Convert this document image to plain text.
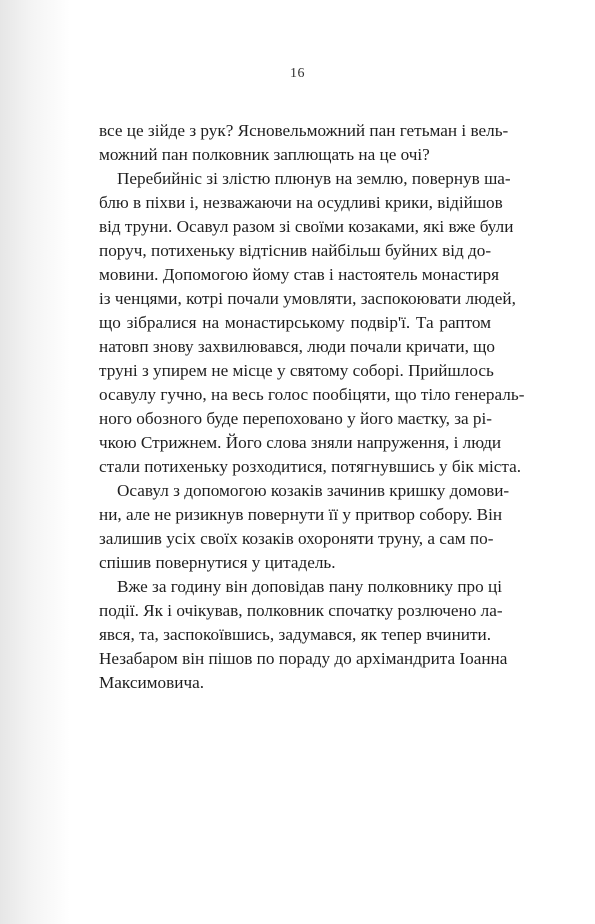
16
все це зійде з рук? Ясновельможний пан гетьман і вель-
можний пан полковник заплющать на це очі?
Перебийніс зі злістю плюнув на землю, повернув ша-
блю в піхви і, незважаючи на осудливі крики, відійшов
від труни. Осавул разом зі своїми козаками, які вже були
поруч, потихеньку відтіснив найбільш буйних від до-
мовини. Допомогою йому став і настоятель монастиря
із ченцями, котрі почали умовляти, заспокоювати людей,
що зібралися на монастирському подвір'ї. Та раптом
натовп знову захвилювався, люди почали кричати, що
труні з упирем не місце у святому соборі. Прийшлось
осавулу гучно, на весь голос пообіцяти, що тіло генераль-
ного обозного буде перепоховано у його маєтку, за рі-
чкою Стрижнем. Його слова зняли напруження, і люди
стали потихеньку розходитися, потягнувшись у бік міста.
Осавул з допомогою козаків зачинив кришку домови-
ни, але не ризикнув повернути її у притвор собору. Він
залишив усіх своїх козаків охороняти труну, а сам по-
спішив повернутися у цитадель.
Вже за годину він доповідав пану полковнику про ці
події. Як і очікував, полковник спочатку розлючено ла-
явся, та, заспокоївшись, задумався, як тепер вчинити.
Незабаром він пішов по пораду до архімандрита Іоанна
Максимовича.
